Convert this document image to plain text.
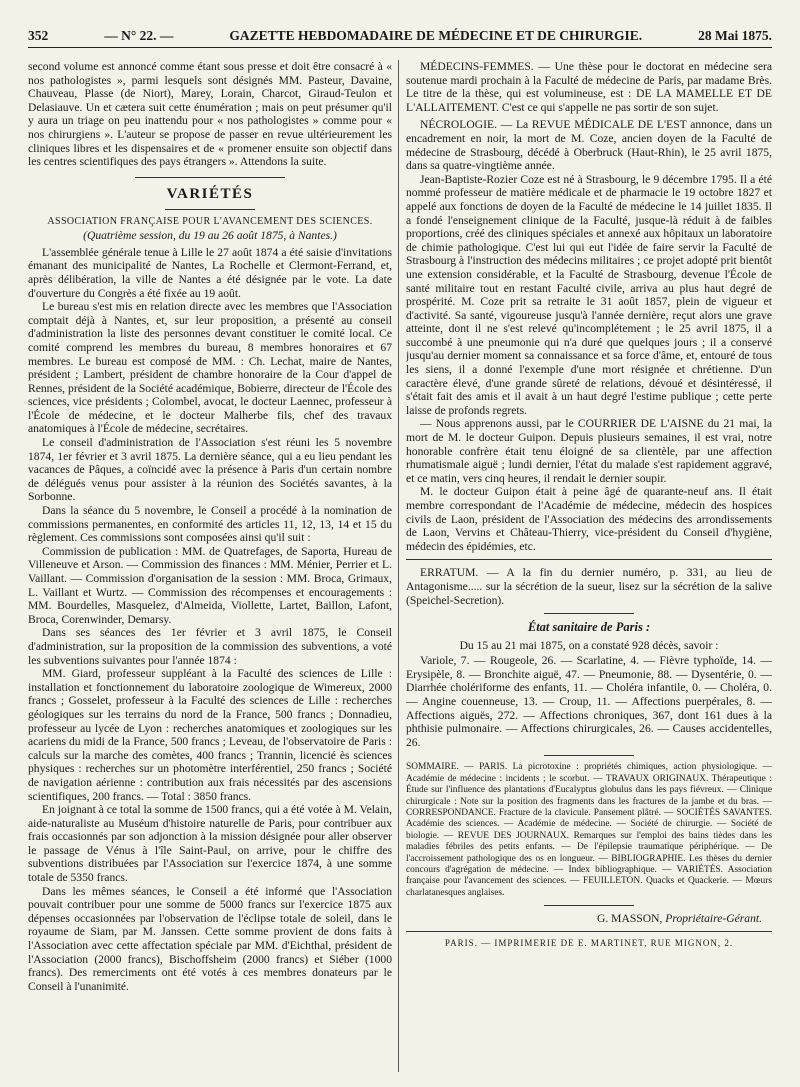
352	— N° 22. —	GAZETTE HEBDOMADAIRE DE MÉDECINE ET DE CHIRURGIE.	28 Mai 1875.

second volume est annoncé comme étant sous presse et doit être consacré à « nos pathologistes », parmi lesquels sont désignés MM. Pasteur, Davaine, Chauveau, Plasse (de Niort), Marey, Lorain, Charcot, Giraud-Teulon et Delasiauve. Un et cætera suit cette énumération ; mais on peut présumer qu'il y aura un triage on peu inattendu pour « nos pathologistes » comme pour « nos chirurgiens ». L'auteur se propose de passer en revue ultérieurement les cliniques libres et les dispensaires et de « promener ensuite son objectif dans les centres scientifiques des pays étrangers ». Attendons la suite.

VARIÉTÉS
ASSOCIATION FRANÇAISE POUR L'AVANCEMENT DES SCIENCES.
(Quatrième session, du 19 au 26 août 1875, à Nantes.)

L'assemblée générale tenue à Lille le 27 août 1874 a été saisie d'invitations émanant des municipalité de Nantes, La Rochelle et Clermont-Ferrand, et, après délibération, la ville de Nantes a été désignée par le vote. La date d'ouverture du Congrès a été fixée au 19 août.

Le bureau s'est mis en relation directe avec les membres que l'Association comptait déjà à Nantes, et, sur leur proposition, a présenté au conseil d'administration la liste des personnes devant constituer le comité local. Ce comité comprend les membres du bureau, 8 membres honoraires et 67 membres. Le bureau est composé de MM. : Ch. Lechat, maire de Nantes, président ; Lambert, président de chambre honoraire de la Cour d'appel de Rennes, président de la Société académique, Bobierre, directeur de l'École des sciences, vice présidents ; Colombel, avocat, le docteur Laennec, professeur à l'École de médecine, et le docteur Malherbe fils, chef des travaux anatomiques à l'École de médecine, secrétaires.

Le conseil d'administration de l'Association s'est réuni les 5 novembre 1874, 1er février et 3 avril 1875. La dernière séance, qui a eu lieu pendant les vacances de Pâques, a coïncidé avec la présence à Paris d'un certain nombre de délégués venus pour assister à la réunion des Sociétés savantes, à la Sorbonne.

Dans la séance du 5 novembre, le Conseil a procédé à la nomination de commissions permanentes, en conformité des articles 11, 12, 13, 14 et 15 du règlement. Ces commissions sont composées ainsi qu'il suit :

Commission de publication : MM. de Quatrefages, de Saporta, Hureau de Villeneuve et Arson. — Commission des finances : MM. Ménier, Perrier et L. Vaillant. — Commission d'organisation de la session : MM. Broca, Grimaux, L. Vaillant et Wurtz. — Commission des récompenses et encouragements : MM. Bourdelles, Masquelez, d'Almeida, Viollette, Lartet, Baillon, Lafont, Broca, Corenwinder, Demarsy.

Dans ses séances des 1er février et 3 avril 1875, le Conseil d'administration, sur la proposition de la commission des subventions, a voté les subventions suivantes pour l'année 1874 :

MM. Giard, professeur suppléant à la Faculté des sciences de Lille : installation et fonctionnement du laboratoire zoologique de Wimereux, 2000 francs ; Gosselet, professeur à la Faculté des sciences de Lille : recherches géologiques sur les terrains du nord de la France, 500 francs ; Donnadieu, professeur au lycée de Lyon : recherches anatomiques et zoologiques sur les acariens du midi de la France, 500 francs ; Leveau, de l'observatoire de Paris : calculs sur la marche des comètes, 400 francs ; Trannin, licencié ès sciences physiques : recherches sur un photomètre interférentiel, 250 francs ; Société de navigation aérienne : contribution aux frais nécessités par des ascensions scientifiques, 200 francs. — Total : 3850 francs.

En joignant à ce total la somme de 1500 francs, qui a été votée à M. Velain, aide-naturaliste au Muséum d'histoire naturelle de Paris, pour contribuer aux frais occasionnés par son adjonction à la mission désignée pour aller observer le passage de Vénus à l'île Saint-Paul, on arrive, pour le chiffre des subventions distribuées par l'Association sur l'exercice 1874, à une somme totale de 5350 francs.

Dans les mêmes séances, le Conseil a été informé que l'Association pouvait contribuer pour une somme de 5000 francs sur l'exercice 1875 aux dépenses occasionnées par l'observation de l'éclipse totale de soleil, dans le royaume de Siam, par M. Janssen. Cette somme provient de dons faits à l'Association avec cette affectation spéciale par MM. d'Eichthal, président de l'Association (2000 francs), Bischoffsheim (2000 francs) et Siéber (1000 francs). Des remerciments ont été votés à ces membres donateurs par le Conseil à l'unanimité.

MÉDECINS-FEMMES. — Une thèse pour le doctorat en médecine sera soutenue mardi prochain à la Faculté de médecine de Paris, par madame Brès. Le titre de la thèse, qui est volumineuse, est : DE LA MAMELLE ET DE L'ALLAITEMENT. C'est ce qui s'appelle ne pas sortir de son sujet.

NÉCROLOGIE. — La REVUE MÉDICALE DE L'EST annonce, dans un encadrement en noir, la mort de M. Coze, ancien doyen de la Faculté de médecine de Strasbourg, décédé à Oberbruck (Haut-Rhin), le 25 avril 1875, dans sa quatre-vingtième année.

Jean-Baptiste-Rozier Coze est né à Strasbourg, le 9 décembre 1795. Il a été nommé professeur de matière médicale et de pharmacie le 19 octobre 1827 et appelé aux fonctions de doyen de la Faculté de médecine le 14 juillet 1835. Il a fondé l'enseignement clinique de la Faculté, jusque-là réduit à de faibles proportions, créé des cliniques spéciales et annexé aux hôpitaux un laboratoire de chimie pathologique. C'est lui qui eut l'idée de faire servir la Faculté de Strasbourg à l'instruction des médecins militaires ; ce projet adopté prit bientôt une extension considérable, et la Faculté de Strasbourg, devenue l'École de santé militaire tout en restant Faculté civile, arriva au plus haut degré de prospérité. M. Coze prit sa retraite le 31 août 1857, plein de vigueur et d'activité. Sa santé, vigoureuse jusqu'à l'année dernière, reçut alors une grave atteinte, dont il ne s'est relevé qu'incomplétement ; le 25 avril 1875, il a succombé à une pneumonie qui n'a duré que quelques jours ; il a conservé jusqu'au dernier moment sa connaissance et sa force d'âme, et, entouré de tous les siens, il a donné l'exemple d'une mort résignée et chrétienne. D'un caractère élevé, d'une grande sûreté de relations, dévoué et désintéressé, il s'était fait des amis et il avait à un haut degré l'estime publique ; cette perte laisse de profonds regrets.

— Nous apprenons aussi, par le COURRIER DE L'AISNE du 21 mai, la mort de M. le docteur Guipon. Depuis plusieurs semaines, il est vrai, notre honorable confrère était tenu éloigné de sa clientèle, par une affection rhumatismale aiguë ; lundi dernier, l'état du malade s'est rapidement aggravé, et ce matin, vers cinq heures, il rendait le dernier soupir.

M. le docteur Guipon était à peine âgé de quarante-neuf ans. Il était membre correspondant de l'Académie de médecine, médecin des hospices civils de Laon, président de l'Association des médecins des arrondissements de Laon, Vervins et Château-Thierry, vice-président du Conseil d'hygiène, médecin des épidémies, etc.

ERRATUM. — A la fin du dernier numéro, p. 331, au lieu de Antagonisme..... sur la sécrétion de la sueur, lisez sur la sécrétion de la salive (Speichel-Secretion).

État sanitaire de Paris :
Du 15 au 21 mai 1875, on a constaté 928 décès, savoir :

Variole, 7. — Rougeole, 26. — Scarlatine, 4. — Fièvre typhoïde, 14. — Erysipèle, 8. — Bronchite aiguë, 47. — Pneumonie, 88. — Dysentérie, 0. — Diarrhée cholériforme des enfants, 11. — Choléra infantile, 0. — Choléra, 0. — Angine couenneuse, 13. — Croup, 11. — Affections puerpérales, 8. — Affections aiguës, 272. — Affections chroniques, 367, dont 161 dues à la phthisie pulmonaire. — Affections chirurgicales, 26. — Causes accidentelles, 26.

SOMMAIRE. — PARIS. La picrotoxine : propriétés chimiques, action physiologique. — Académie de médecine : incidents ; le scorbut. — TRAVAUX ORIGINAUX. Thérapeutique : Étude sur l'influence des plantations d'Eucalyptus globulus dans les pays fiévreux. — Clinique chirurgicale : Note sur la position des fragments dans les fractures de la jambe et du bras. — CORRESPONDANCE. Fracture de la clavicule. Pansement plâtré. — SOCIÉTÉS SAVANTES. Académie des sciences. — Académie de médecine. — Société de chirurgie. — Société de biologie. — REVUE DES JOURNAUX. Remarques sur l'emploi des bains tièdes dans les maladies fébriles des petits enfants. — De l'épilepsie traumatique périphérique. — De l'accroissement pathologique des os en longueur. — BIBLIOGRAPHIE. Les thèses du dernier concours d'agrégation de médecine. — Index bibliographique. — VARIÉTÉS. Association française pour l'avancement des sciences. — FEUILLETON. Quacks et Quackerie. — Mœurs charlatanesques anglaises.
G. MASSON, Propriétaire-Gérant.
PARIS. — IMPRIMERIE DE E. MARTINET, RUE MIGNON, 2.
